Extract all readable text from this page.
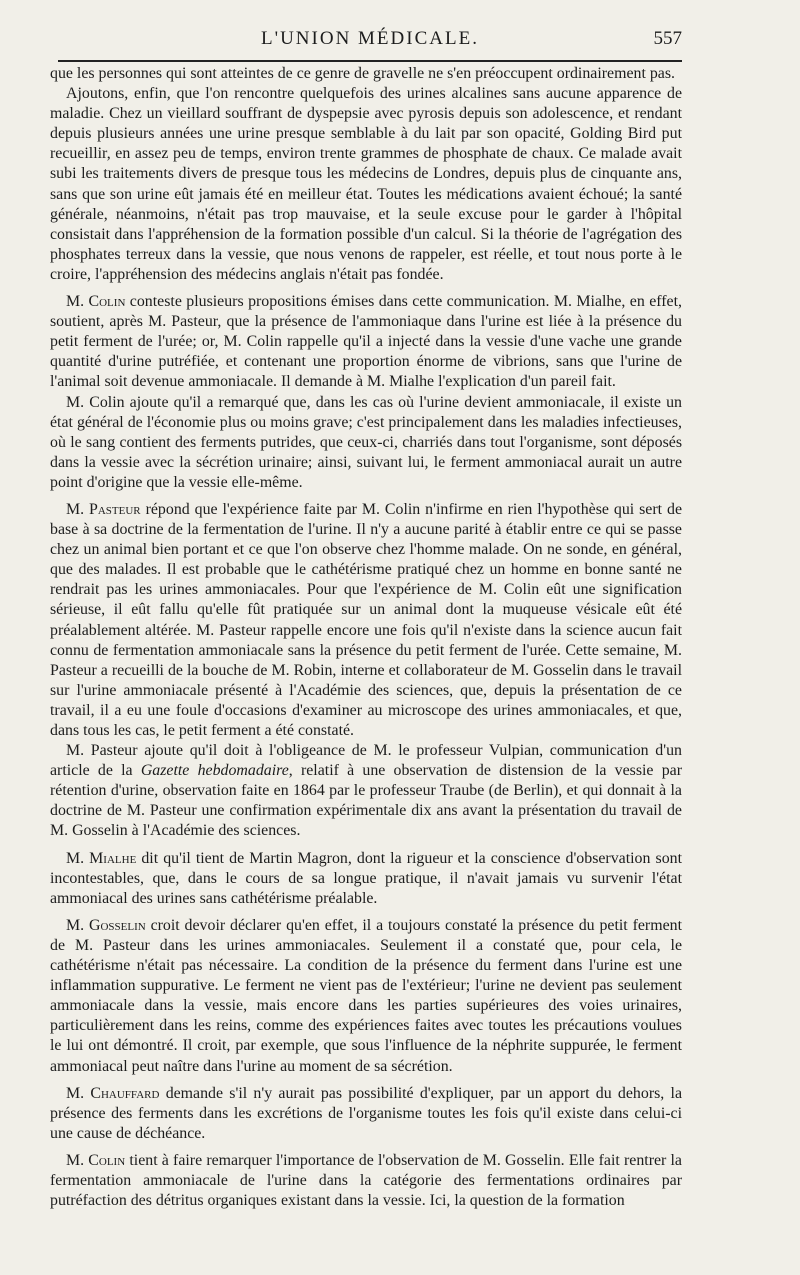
L'UNION MÉDICALE.	557

que les personnes qui sont atteintes de ce genre de gravelle ne s'en préoccupent ordinairement pas.

Ajoutons, enfin, que l'on rencontre quelquefois des urines alcalines sans aucune apparence de maladie. Chez un vieillard souffrant de dyspepsie avec pyrosis depuis son adolescence, et rendant depuis plusieurs années une urine presque semblable à du lait par son opacité, Golding Bird put recueillir, en assez peu de temps, environ trente grammes de phosphate de chaux. Ce malade avait subi les traitements divers de presque tous les médecins de Londres, depuis plus de cinquante ans, sans que son urine eût jamais été en meilleur état. Toutes les médications avaient échoué; la santé générale, néanmoins, n'était pas trop mauvaise, et la seule excuse pour le garder à l'hôpital consistait dans l'appréhension de la formation possible d'un calcul. Si la théorie de l'agrégation des phosphates terreux dans la vessie, que nous venons de rappeler, est réelle, et tout nous porte à le croire, l'appréhension des médecins anglais n'était pas fondée.

M. Colin conteste plusieurs propositions émises dans cette communication. M. Mialhe, en effet, soutient, après M. Pasteur, que la présence de l'ammoniaque dans l'urine est liée à la présence du petit ferment de l'urée; or, M. Colin rappelle qu'il a injecté dans la vessie d'une vache une grande quantité d'urine putréfiée, et contenant une proportion énorme de vibrions, sans que l'urine de l'animal soit devenue ammoniacale. Il demande à M. Mialhe l'explication d'un pareil fait.

M. Colin ajoute qu'il a remarqué que, dans les cas où l'urine devient ammoniacale, il existe un état général de l'économie plus ou moins grave; c'est principalement dans les maladies infectieuses, où le sang contient des ferments putrides, que ceux-ci, charriés dans tout l'organisme, sont déposés dans la vessie avec la sécrétion urinaire; ainsi, suivant lui, le ferment ammoniacal aurait un autre point d'origine que la vessie elle-même.

M. Pasteur répond que l'expérience faite par M. Colin n'infirme en rien l'hypothèse qui sert de base à sa doctrine de la fermentation de l'urine. Il n'y a aucune parité à établir entre ce qui se passe chez un animal bien portant et ce que l'on observe chez l'homme malade. On ne sonde, en général, que des malades. Il est probable que le cathétérisme pratiqué chez un homme en bonne santé ne rendrait pas les urines ammoniacales. Pour que l'expérience de M. Colin eût une signification sérieuse, il eût fallu qu'elle fût pratiquée sur un animal dont la muqueuse vésicale eût été préalablement altérée. M. Pasteur rappelle encore une fois qu'il n'existe dans la science aucun fait connu de fermentation ammoniacale sans la présence du petit ferment de l'urée. Cette semaine, M. Pasteur a recueilli de la bouche de M. Robin, interne et collaborateur de M. Gosselin dans le travail sur l'urine ammoniacale présenté à l'Académie des sciences, que, depuis la présentation de ce travail, il a eu une foule d'occasions d'examiner au microscope des urines ammoniacales, et que, dans tous les cas, le petit ferment a été constaté.

M. Pasteur ajoute qu'il doit à l'obligeance de M. le professeur Vulpian, communication d'un article de la Gazette hebdomadaire, relatif à une observation de distension de la vessie par rétention d'urine, observation faite en 1864 par le professeur Traube (de Berlin), et qui donnait à la doctrine de M. Pasteur une confirmation expérimentale dix ans avant la présentation du travail de M. Gosselin à l'Académie des sciences.

M. Mialhe dit qu'il tient de Martin Magron, dont la rigueur et la conscience d'observation sont incontestables, que, dans le cours de sa longue pratique, il n'avait jamais vu survenir l'état ammoniacal des urines sans cathétérisme préalable.

M. Gosselin croit devoir déclarer qu'en effet, il a toujours constaté la présence du petit ferment de M. Pasteur dans les urines ammoniacales. Seulement il a constaté que, pour cela, le cathétérisme n'était pas nécessaire. La condition de la présence du ferment dans l'urine est une inflammation suppurative. Le ferment ne vient pas de l'extérieur; l'urine ne devient pas seulement ammoniacale dans la vessie, mais encore dans les parties supérieures des voies urinaires, particulièrement dans les reins, comme des expériences faites avec toutes les précautions voulues le lui ont démontré. Il croit, par exemple, que sous l'influence de la néphrite suppurée, le ferment ammoniacal peut naître dans l'urine au moment de sa sécrétion.

M. Chauffard demande s'il n'y aurait pas possibilité d'expliquer, par un apport du dehors, la présence des ferments dans les excrétions de l'organisme toutes les fois qu'il existe dans celui-ci une cause de déchéance.

M. Colin tient à faire remarquer l'importance de l'observation de M. Gosselin. Elle fait rentrer la fermentation ammoniacale de l'urine dans la catégorie des fermentations ordinaires par putréfaction des détritus organiques existant dans la vessie. Ici, la question de la formation
